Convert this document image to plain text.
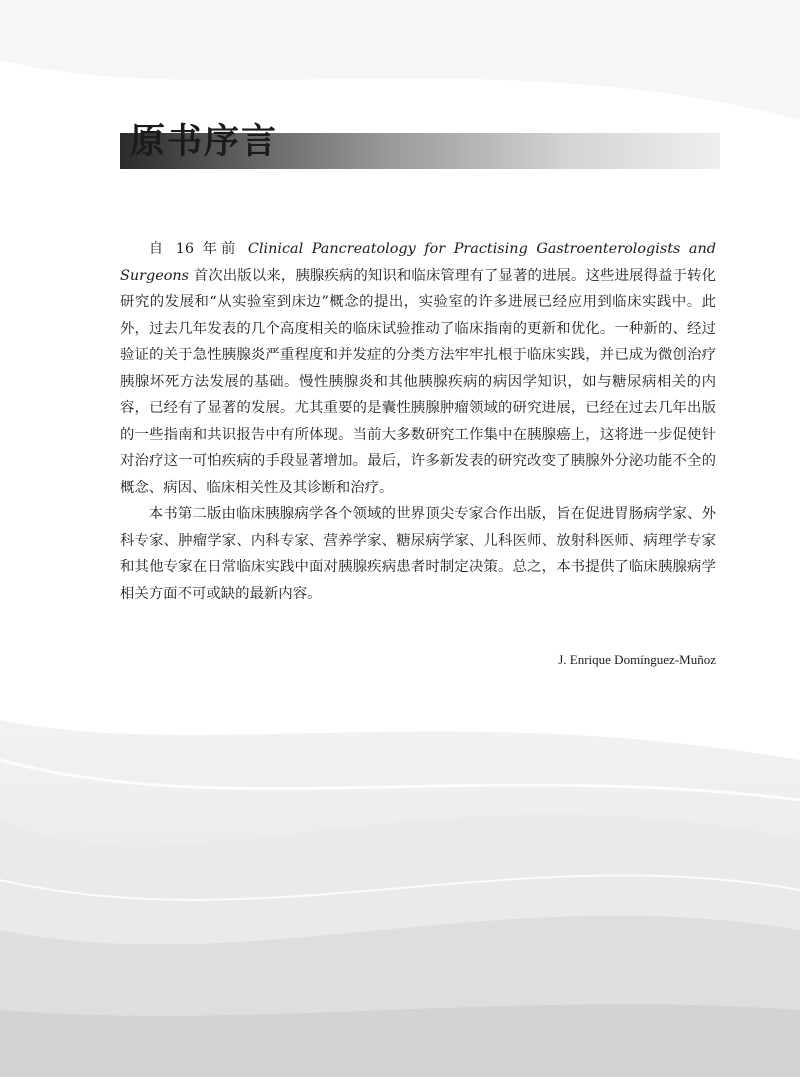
原书序言

自 16 年前 Clinical Pancreatology for Practising Gastroenterologists and Surgeons 首次出版以来，胰腺疾病的知识和临床管理有了显著的进展。这些进展得益于转化研究的发展和“从实验室到床边”概念的提出，实验室的许多进展已经应用到临床实践中。此外，过去几年发表的几个高度相关的临床试验推动了临床指南的更新和优化。一种新的、经过验证的关于急性胰腺炎严重程度和并发症的分类方法牢牢扎根于临床实践，并已成为微创治疗胰腺坏死方法发展的基础。慢性胰腺炎和其他胰腺疾病的病因学知识，如与糖尿病相关的内容，已经有了显著的发展。尤其重要的是囊性胰腺肿瘤领域的研究进展，已经在过去几年出版的一些指南和共识报告中有所体现。当前大多数研究工作集中在胰腺癌上，这将进一步促使针对治疗这一可怕疾病的手段显著增加。最后，许多新发表的研究改变了胰腺外分泌功能不全的概念、病因、临床相关性及其诊断和治疗。

本书第二版由临床胰腺病学各个领域的世界顶尖专家合作出版，旨在促进胃肠病学家、外科专家、肿瘤学家、内科专家、营养学家、糖尿病学家、儿科医师、放射科医师、病理学专家和其他专家在日常临床实践中面对胰腺疾病患者时制定决策。总之，本书提供了临床胰腺病学相关方面不可或缺的最新内容。

J. Enrique Domínguez-Muñoz
